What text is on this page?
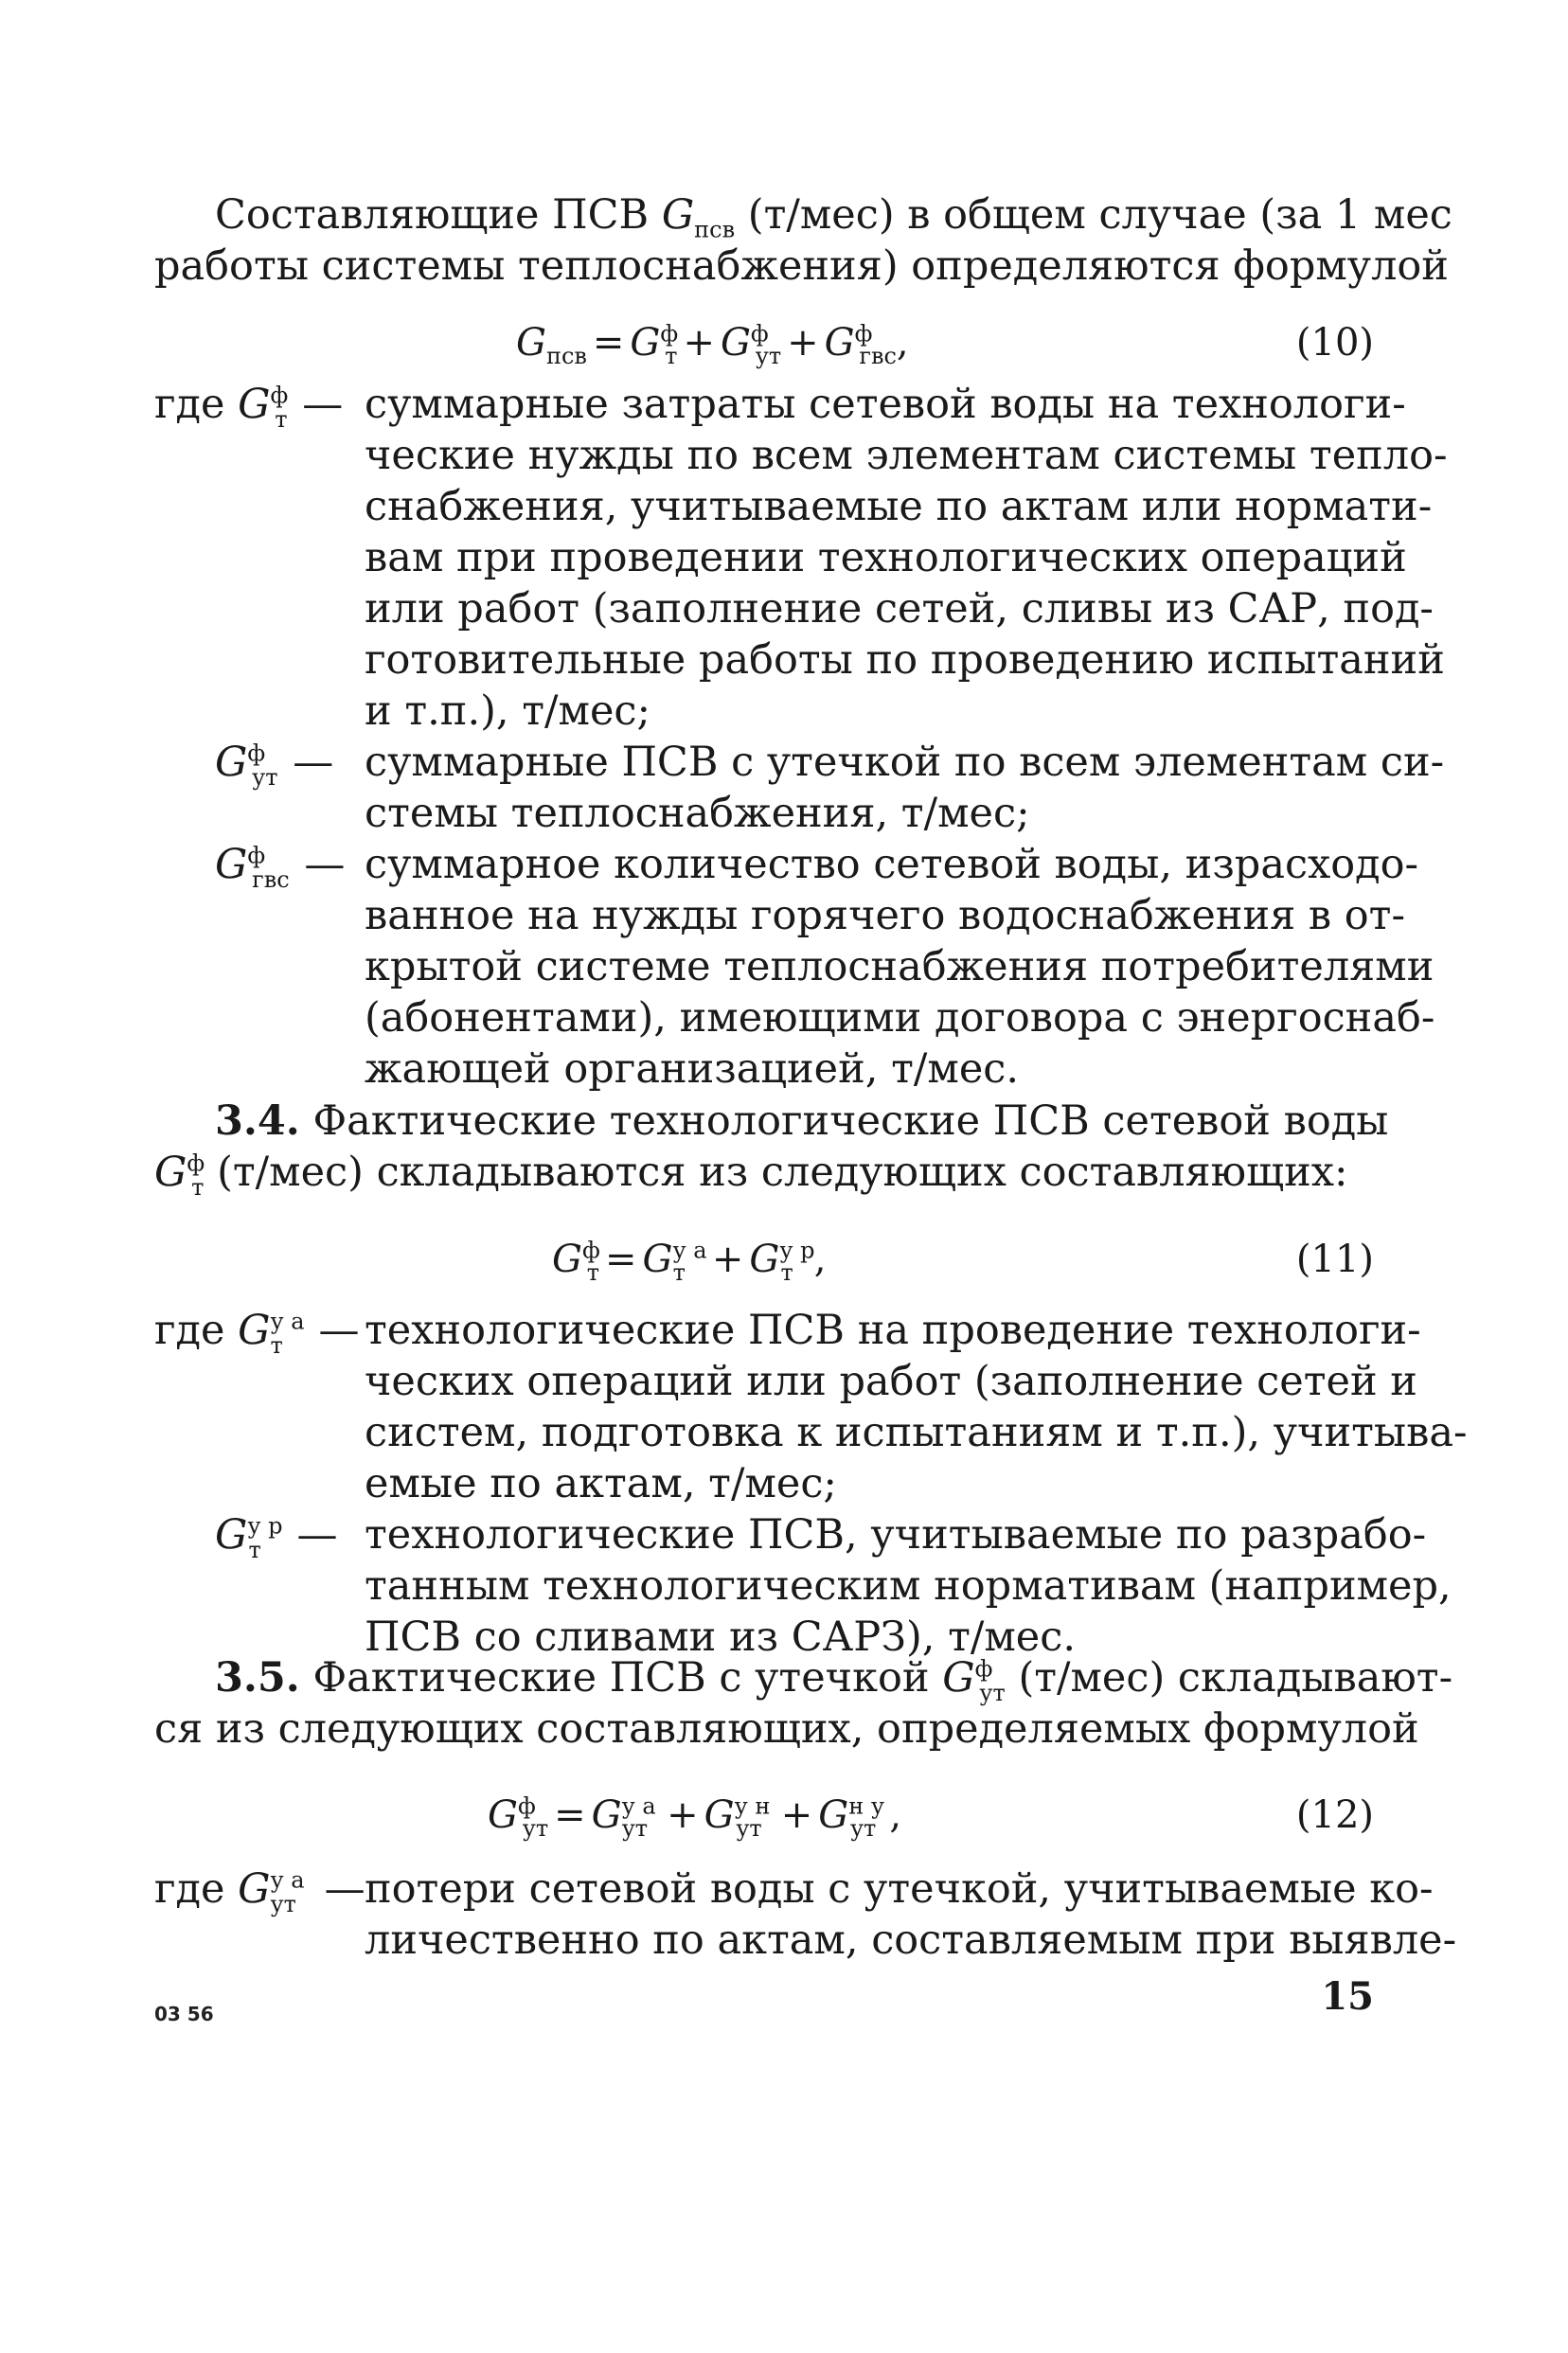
Составляющие ПСВ $G_{псв}$ (т/мес) в общем случае (за 1 мес
работы системы теплоснабжения) определяются формулой
$G_{псв} = G^ф_т + G^ф_{ут} + G^ф_{гвс}$,	(10)
где $G^ф_т$ — суммарные затраты сетевой воды на технологи-
ческие нужды по всем элементам системы тепло-
снабжения, учитываемые по актам или нормати-
вам при проведении технологических операций
или работ (заполнение сетей, сливы из САР, под-
готовительные работы по проведению испытаний
и т.п.), т/мес;
$G^ф_{ут}$ — суммарные ПСВ с утечкой по всем элементам си-
стемы теплоснабжения, т/мес;
$G^ф_{гвс}$ — суммарное количество сетевой воды, израсходо-
ванное на нужды горячего водоснабжения в от-
крытой системе теплоснабжения потребителями
(абонентами), имеющими договора с энергоснаб-
жающей организацией, т/мес.
3.4. Фактические технологические ПСВ сетевой воды
$G^ф_т$ (т/мес) складываются из следующих составляющих:
$G^ф_т = G^{у а}_т + G^{у р}_т$ ,	(11)
где $G^{у а}_т$ — технологические ПСВ на проведение технологи-
ческих операций или работ (заполнение сетей и
систем, подготовка к испытаниям и т.п.), учитыва-
емые по актам, т/мес;
$G^{у р}_т$ — технологические ПСВ, учитываемые по разрабо-
танным технологическим нормативам (например,
ПСВ со сливами из САРЗ), т/мес.
3.5. Фактические ПСВ с утечкой $G^ф_{ут}$ (т/мес) складывают-
ся из следующих составляющих, определяемых формулой
$G^ф_{ут} = G^{у а}_{ут} + G^{у н}_{ут} + G^{н у}_{ут}$ ,	(12)
где $G^{у а}_{ут}$ — потери сетевой воды с утечкой, учитываемые ко-
личественно по актам, составляемым при выявле-
03 56	15
